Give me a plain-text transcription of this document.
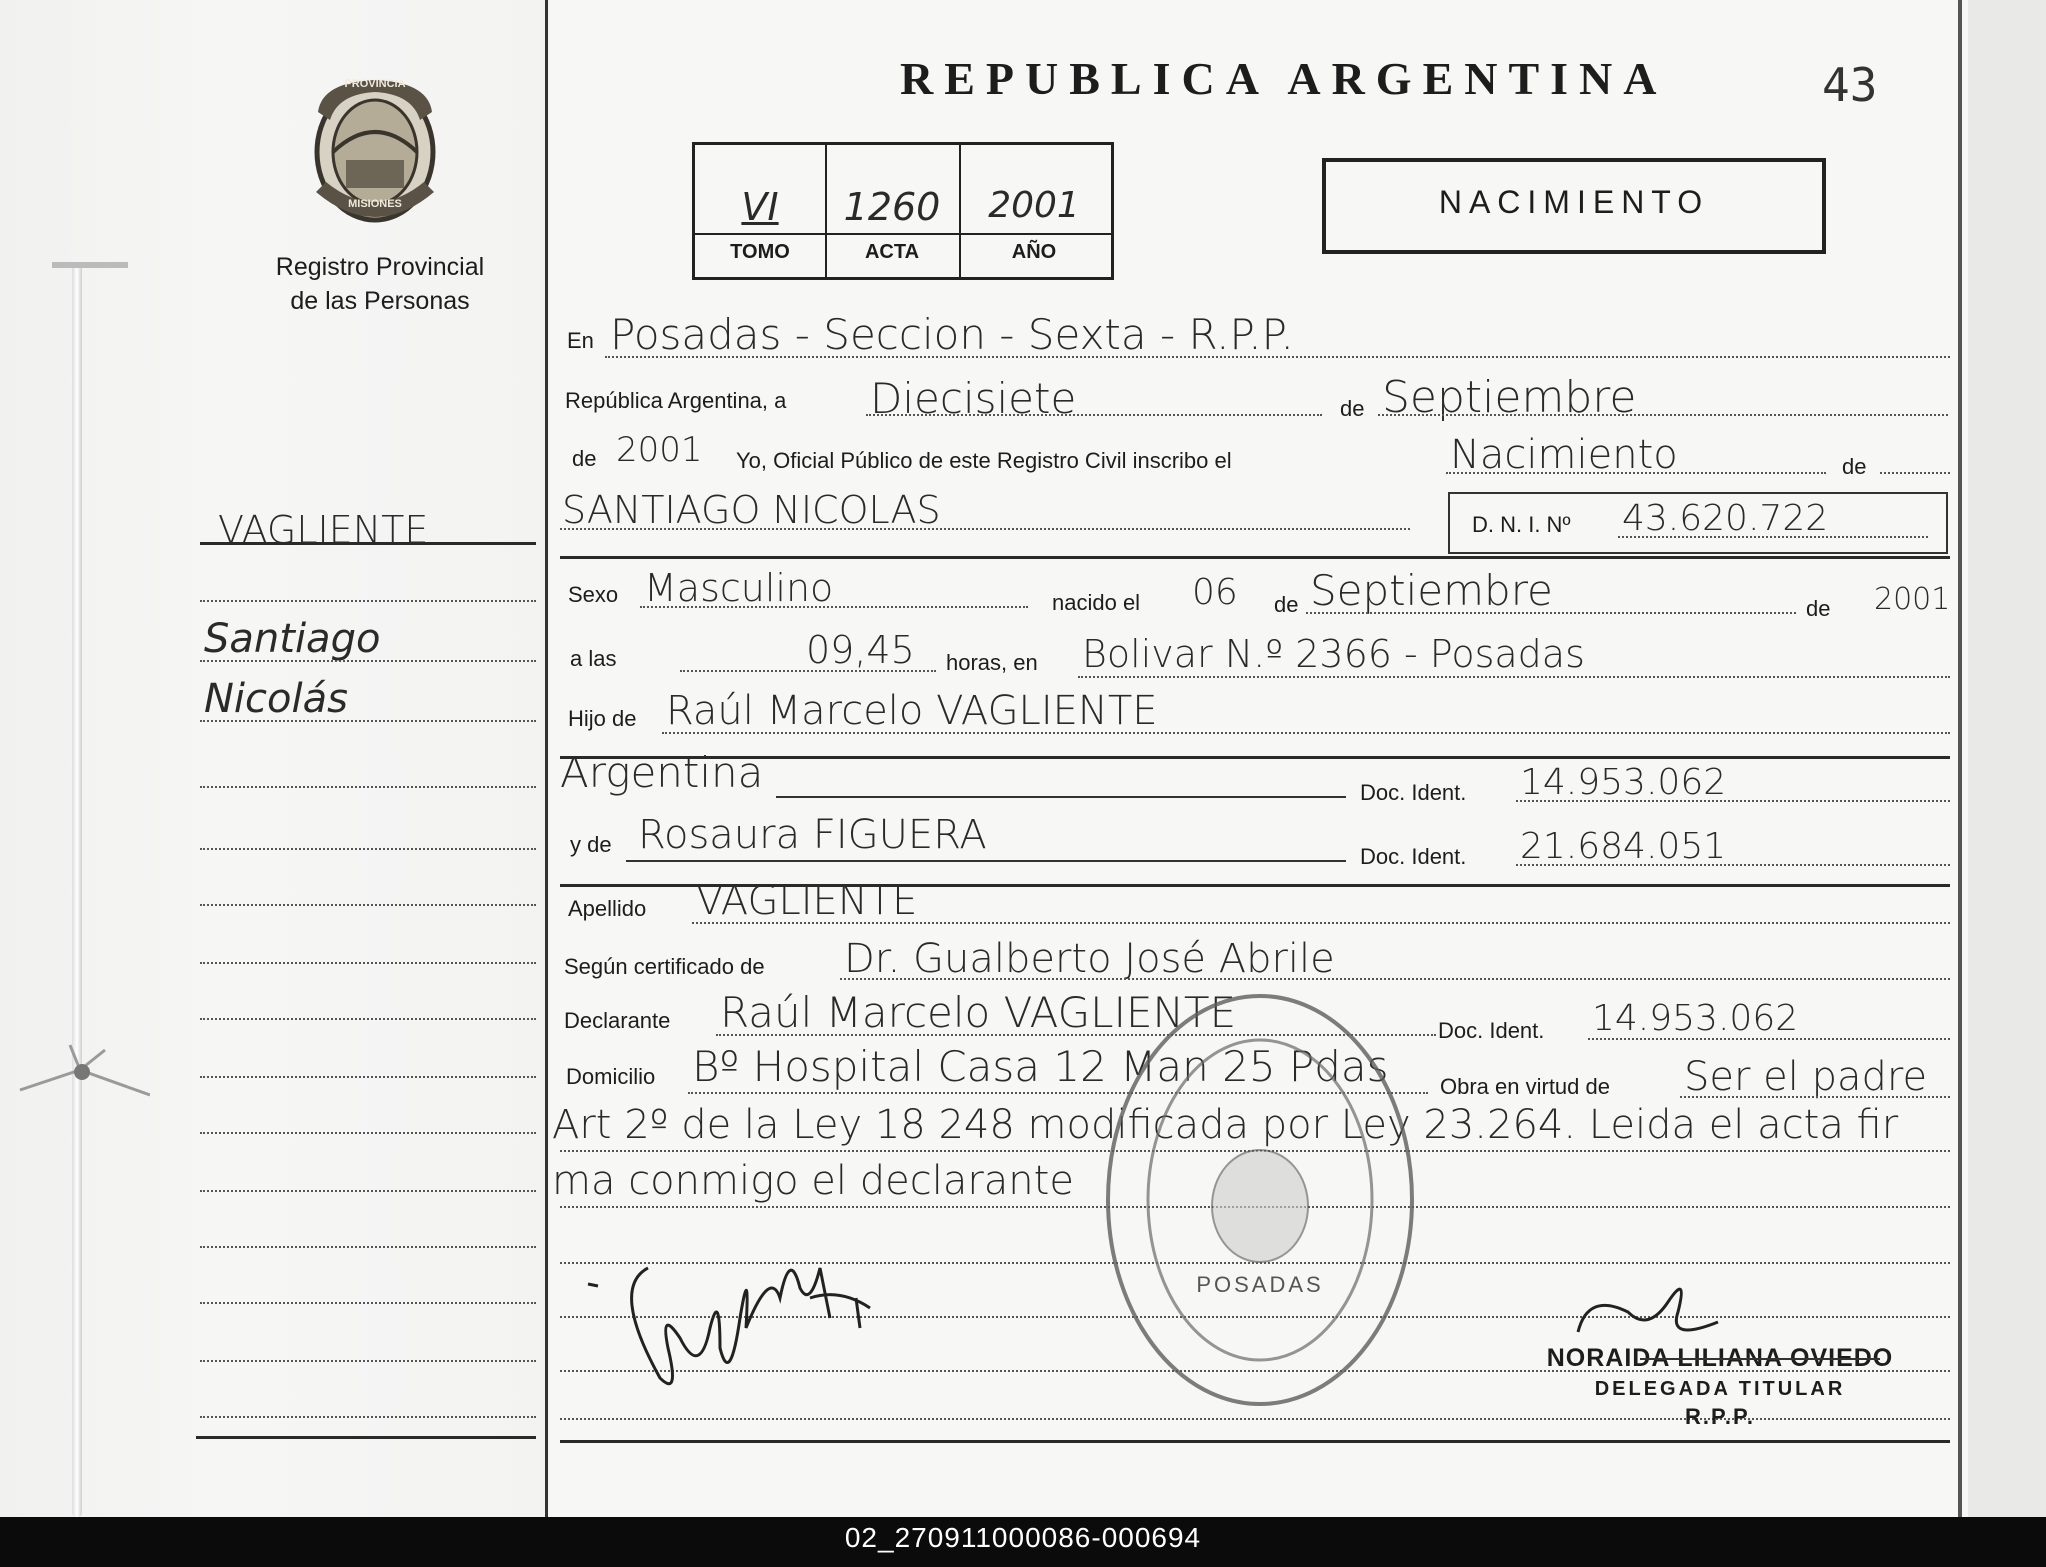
PROVINCIA
MISIONES
Registro Provincial
de las Personas
REPUBLICA ARGENTINA	43
VI	1260	2001
TOMO	ACTA	AÑO
NACIMIENTO
VAGLIENTE
Santiago
Nicolás
En Posadas - Seccion - Sexta - R.P.P.
República Argentina, a Diecisiete	de Septiembre
de 2001 Yo, Oficial Público de este Registro Civil inscribo el	Nacimiento	de
SANTIAGO NICOLAS	D. N. I. Nº 43.620.722
Sexo Masculino	nacido el 06 de Septiembre	de 2001
a las	09,45 horas, en Bolivar N.º 2366 - Posadas
Hijo de Raúl Marcelo VAGLIENTE
Argentina	Doc. Ident. 14.953.062
y de Rosaura FIGUERA	Doc. Ident. 21.684.051
Apellido VAGLIENTE
Según certificado de Dr. Gualberto José Abrile
Declarante Raúl Marcelo VAGLIENTE	Doc. Ident. 14.953.062
Domicilio Bº Hospital Casa 12 Man 25 Pdas Obra en virtud de Ser el padre
Art 2º de la Ley 18 248 modificada por Ley 23.264. Leida el acta fir
ma conmigo el declarante
POSADAS
NORAIDA LILIANA OVIEDO
DELEGADA TITULAR
R.P.P.
02_270911000086-000694
